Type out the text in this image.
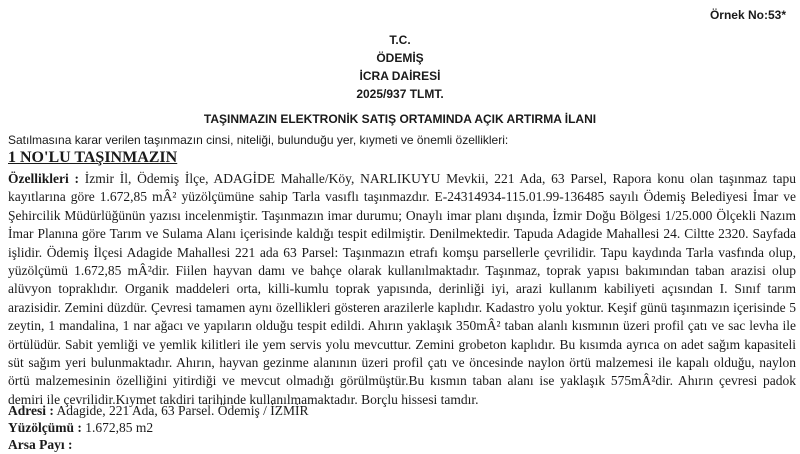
Örnek No:53*
T.C.
ÖDEMİŞ
İCRA DAİRESİ
2025/937 TLMT.
TAŞINMAZIN ELEKTRONİK SATIŞ ORTAMINDA AÇIK ARTIRMA İLANI
Satılmasına karar verilen taşınmazın cinsi, niteliği, bulunduğu yer, kıymeti ve önemli özellikleri:
1 NO'LU TAŞINMAZIN
Özellikleri : İzmir İl, Ödemiş İlçe, ADAGİDE Mahalle/Köy, NARLIKUYU Mevkii, 221 Ada, 63 Parsel, Rapora konu olan taşınmaz tapu kayıtlarına göre 1.672,85 mÂ² yüzölçümüne sahip Tarla vasıflı taşınmazdır. E-24314934-115.01.99-136485 sayılı Ödemiş Belediyesi İmar ve Şehircilik Müdürlüğünün yazısı incelenmiştir. Taşınmazın imar durumu; Onaylı imar planı dışında, İzmir Doğu Bölgesi 1/25.000 Ölçekli Nazım İmar Planına göre Tarım ve Sulama Alanı içerisinde kaldığı tespit edilmiştir. Denilmektedir. Tapuda Adagide Mahallesi 24. Ciltte 2320. Sayfada işlidir. Ödemiş İlçesi Adagide Mahallesi 221 ada 63 Parsel: Taşınmazın etrafı komşu parsellerle çevrilidir. Tapu kaydında Tarla vasfında olup, yüzölçümü 1.672,85 mÂ²dir. Fiilen hayvan damı ve bahçe olarak kullanılmaktadır. Taşınmaz, toprak yapısı bakımından taban arazisi olup alüvyon topraklıdır. Organik maddeleri orta, killi-kumlu toprak yapısında, derinliği iyi, arazi kullanım kabiliyeti açısından I. Sınıf tarım arazisidir. Zemini düzdür. Çevresi tamamen aynı özellikleri gösteren arazilerle kaplıdır. Kadastro yolu yoktur. Keşif günü taşınmazın içerisinde 5 zeytin, 1 mandalina, 1 nar ağacı ve yapıların olduğu tespit edildi. Ahırın yaklaşık 350mÂ² taban alanlı kısmının üzeri profil çatı ve sac levha ile örtülüdür. Sabit yemliği ve yemlik kilitleri ile yem servis yolu mevcuttur. Zemini grobeton kaplıdır. Bu kısımda ayrıca on adet sağım kapasiteli süt sağım yeri bulunmaktadır. Ahırın, hayvan gezinme alanının üzeri profil çatı ve öncesinde naylon örtü malzemesi ile kapalı olduğu, naylon örtü malzemesinin özelliğini yitirdiği ve mevcut olmadığı görülmüştür.Bu kısmın taban alanı ise yaklaşık 575mÂ²dir. Ahırın çevresi padok demiri ile çevrilidir.Kıymet takdiri tarihinde kullanılmamaktadır. Borçlu hissesi tamdır.
Adresi : Adagide, 221 Ada, 63 Parsel. Ödemiş / İZMİR
Yüzölçümü : 1.672,85 m2
Arsa Payı :
